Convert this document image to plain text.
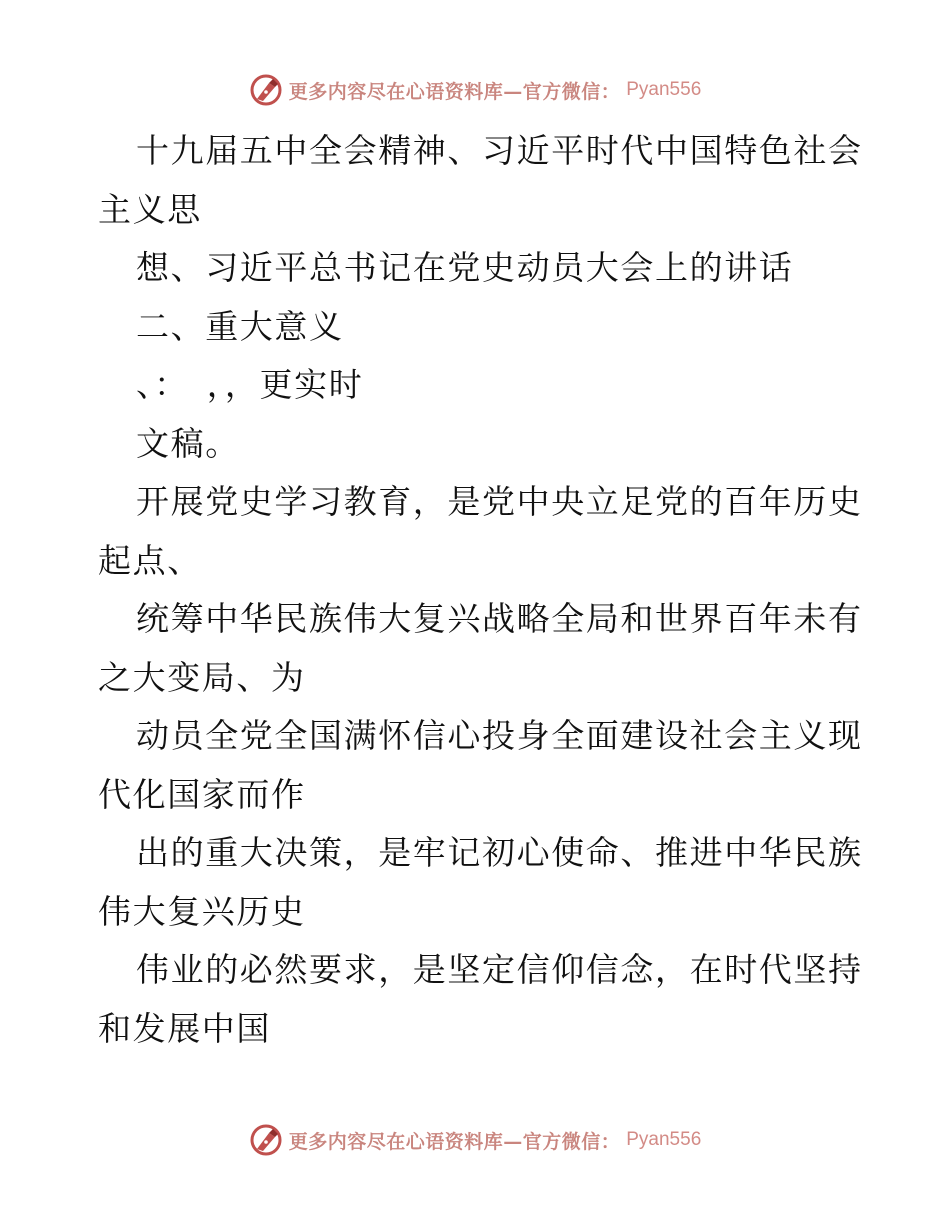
更多内容尽在心语资料库—官方微信： Pyan556
十九届五中全会精神、习近平时代中国特色社会
主义思
想、习近平总书记在党史动员大会上的讲话
二、重大意义
、：　，，更实时
文稿。
开展党史学习教育，是党中央立足党的百年历史
起点、
统筹中华民族伟大复兴战略全局和世界百年未有
之大变局、为
动员全党全国满怀信心投身全面建设社会主义现
代化国家而作
出的重大决策，是牢记初心使命、推进中华民族
伟大复兴历史
伟业的必然要求，是坚定信仰信念，在时代坚持
和发展中国
更多内容尽在心语资料库—官方微信： Pyan556
